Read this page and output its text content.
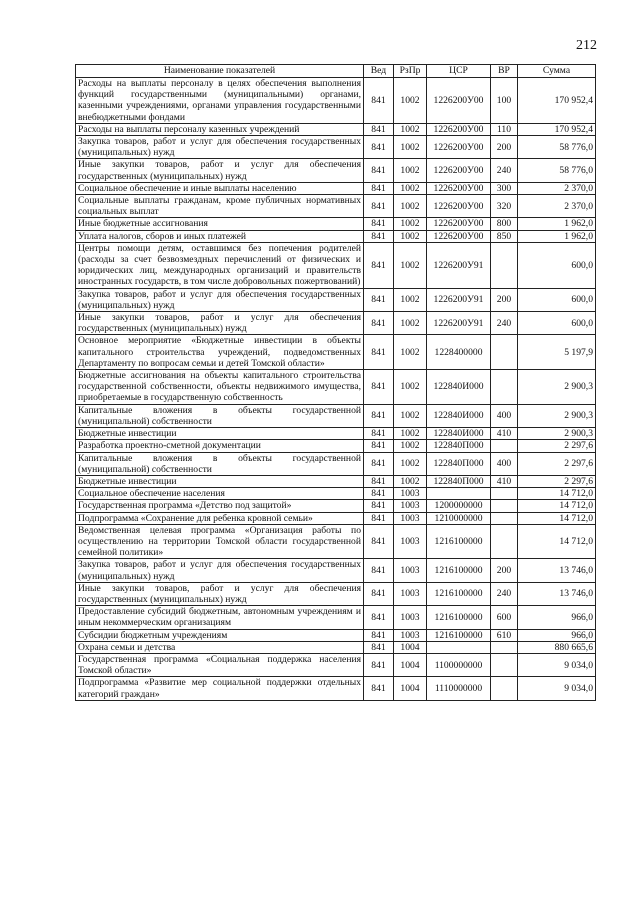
212
Наименование показателей	Вед	РзПр	ЦСР	ВР	Сумма
Расходы на выплаты персоналу в целях обеспечения выполнения функций государственными (муниципальными) органами, казенными учреждениями, органами управления государственными внебюджетными фондами	841	1002	1226200У00	100	170 952,4
Расходы на выплаты персоналу казенных учреждений	841	1002	1226200У00	110	170 952,4
Закупка товаров, работ и услуг для обеспечения государственных (муниципальных) нужд	841	1002	1226200У00	200	58 776,0
Иные закупки товаров, работ и услуг для обеспечения государственных (муниципальных) нужд	841	1002	1226200У00	240	58 776,0
Социальное обеспечение и иные выплаты населению	841	1002	1226200У00	300	2 370,0
Социальные выплаты гражданам, кроме публичных нормативных социальных выплат	841	1002	1226200У00	320	2 370,0
Иные бюджетные ассигнования	841	1002	1226200У00	800	1 962,0
Уплата налогов, сборов и иных платежей	841	1002	1226200У00	850	1 962,0
Центры помощи детям, оставшимся без попечения родителей (расходы за счет безвозмездных перечислений от физических и юридических лиц, международных организаций и правительств иностранных государств, в том числе добровольных пожертвований)	841	1002	1226200У91		600,0
Закупка товаров, работ и услуг для обеспечения государственных (муниципальных) нужд	841	1002	1226200У91	200	600,0
Иные закупки товаров, работ и услуг для обеспечения государственных (муниципальных) нужд	841	1002	1226200У91	240	600,0
Основное мероприятие «Бюджетные инвестиции в объекты капитального строительства учреждений, подведомственных Департаменту по вопросам семьи и детей Томской области»	841	1002	1228400000		5 197,9
Бюджетные ассигнования на объекты капитального строительства государственной собственности, объекты недвижимого имущества, приобретаемые в государственную собственность	841	1002	122840И000		2 900,3
Капитальные вложения в объекты государственной (муниципальной) собственности	841	1002	122840И000	400	2 900,3
Бюджетные инвестиции	841	1002	122840И000	410	2 900,3
Разработка проектно-сметной документации	841	1002	122840П000		2 297,6
Капитальные вложения в объекты государственной (муниципальной) собственности	841	1002	122840П000	400	2 297,6
Бюджетные инвестиции	841	1002	122840П000	410	2 297,6
Социальное обеспечение населения	841	1003			14 712,0
Государственная программа «Детство под защитой»	841	1003	1200000000		14 712,0
Подпрограмма «Сохранение для ребенка кровной семьи»	841	1003	1210000000		14 712,0
Ведомственная целевая программа «Организация работы по осуществлению на территории Томской области государственной семейной политики»	841	1003	1216100000		14 712,0
Закупка товаров, работ и услуг для обеспечения государственных (муниципальных) нужд	841	1003	1216100000	200	13 746,0
Иные закупки товаров, работ и услуг для обеспечения государственных (муниципальных) нужд	841	1003	1216100000	240	13 746,0
Предоставление субсидий бюджетным, автономным учреждениям и иным некоммерческим организациям	841	1003	1216100000	600	966,0
Субсидии бюджетным учреждениям	841	1003	1216100000	610	966,0
Охрана семьи и детства	841	1004			880 665,6
Государственная программа «Социальная поддержка населения Томской области»	841	1004	1100000000		9 034,0
Подпрограмма «Развитие мер социальной поддержки отдельных категорий граждан»	841	1004	1110000000		9 034,0
